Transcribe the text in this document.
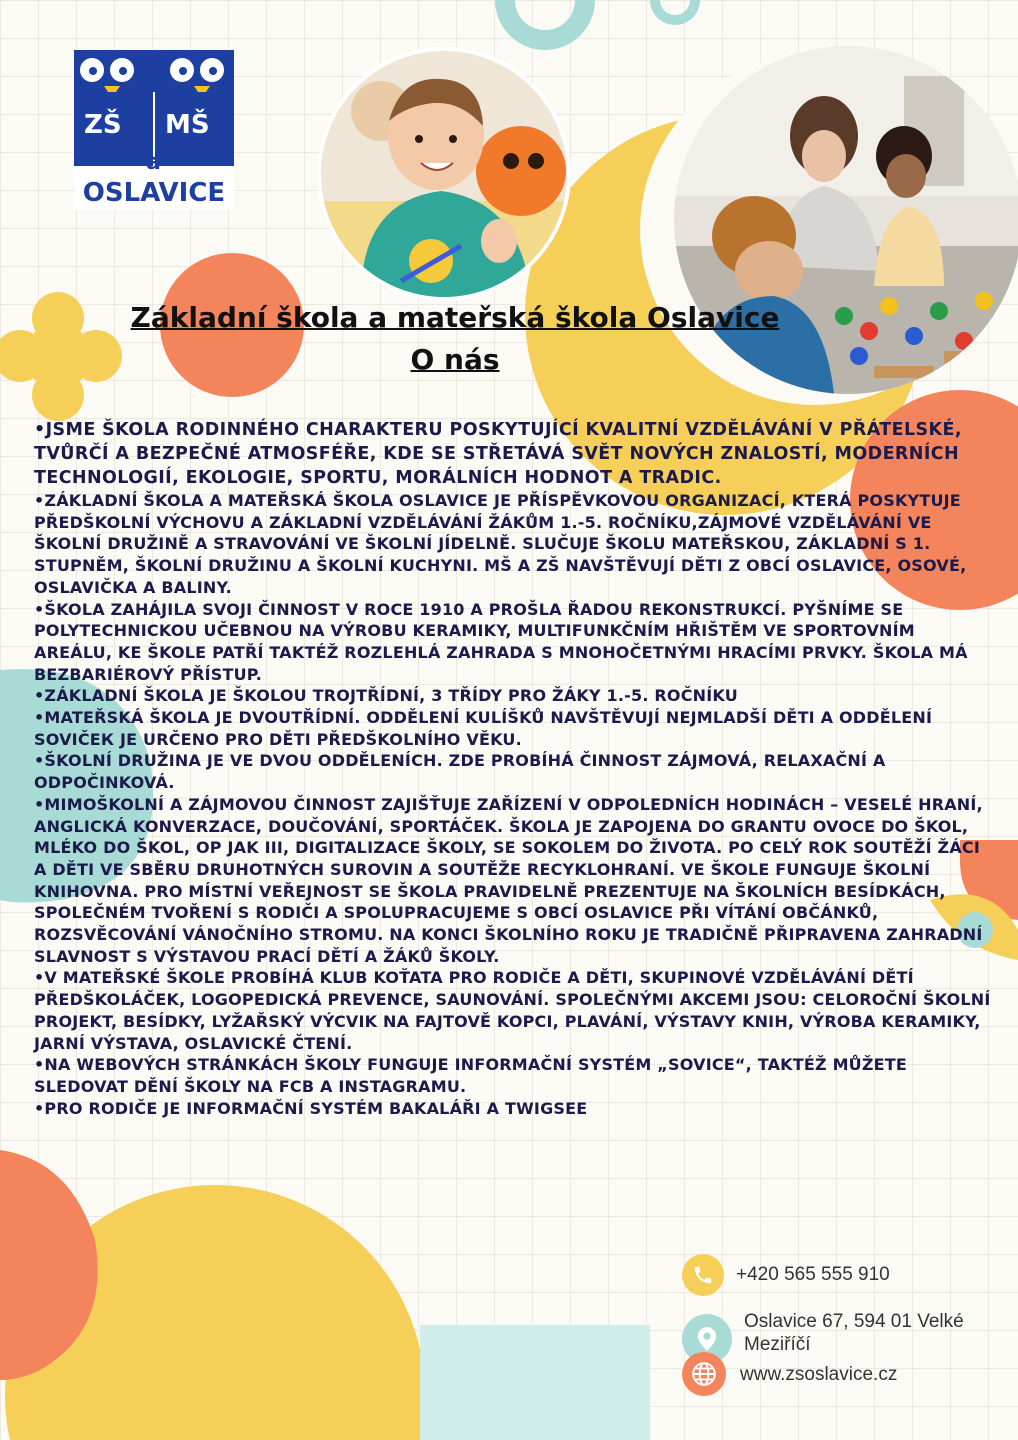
ZŠ MŠ
a
OSLAVICE
Základní škola a mateřská škola Oslavice
O nás

•JSME ŠKOLA RODINNÉHO CHARAKTERU POSKYTUJÍCÍ KVALITNÍ VZDĚLÁVÁNÍ V PŘÁTELSKÉ, TVŮRČÍ A BEZPEČNÉ ATMOSFÉŘE, KDE SE STŘETÁVÁ SVĚT NOVÝCH ZNALOSTÍ, MODERNÍCH TECHNOLOGIÍ, EKOLOGIE, SPORTU, MORÁLNÍCH HODNOT A TRADIC.

•ZÁKLADNÍ ŠKOLA A MATEŘSKÁ ŠKOLA OSLAVICE JE PŘÍSPĚVKOVOU ORGANIZACÍ, KTERÁ POSKYTUJE PŘEDŠKOLNÍ VÝCHOVU A ZÁKLADNÍ VZDĚLÁVÁNÍ ŽÁKŮM 1.-5. ROČNÍKU,ZÁJMOVÉ VZDĚLÁVÁNÍ VE ŠKOLNÍ DRUŽINĚ A STRAVOVÁNÍ VE ŠKOLNÍ JÍDELNĚ. SLUČUJE ŠKOLU MATEŘSKOU, ZÁKLADNÍ S 1. STUPNĚM, ŠKOLNÍ DRUŽINU A ŠKOLNÍ KUCHYNI. MŠ A ZŠ NAVŠTĚVUJÍ DĚTI Z OBCÍ OSLAVICE, OSOVÉ, OSLAVIČKA A BALINY.

•ŠKOLA ZAHÁJILA SVOJI ČINNOST V ROCE 1910 A PROŠLA ŘADOU REKONSTRUKCÍ. PYŠNÍME SE POLYTECHNICKOU UČEBNOU NA VÝROBU KERAMIKY, MULTIFUNKČNÍM HŘIŠTĚM VE SPORTOVNÍM AREÁLU, KE ŠKOLE PATŘÍ TAKTÉŽ ROZLEHLÁ ZAHRADA S MNOHOČETNÝMI HRACÍMI PRVKY. ŠKOLA MÁ BEZBARIÉROVÝ PŘÍSTUP.

•ZÁKLADNÍ ŠKOLA JE ŠKOLOU TROJTŘÍDNÍ, 3 TŘÍDY PRO ŽÁKY 1.-5. ROČNÍKU

•MATEŘSKÁ ŠKOLA JE DVOUTŘÍDNÍ. ODDĚLENÍ KULÍŠKŮ NAVŠTĚVUJÍ NEJMLADŠÍ DĚTI A ODDĚLENÍ SOVIČEК JE URČENO PRO DĚTI PŘEDŠKOLNÍHO VĚKU.

•ŠKOLNÍ DRUŽINA JE VE DVOU ODDĚLENÍCH. ZDE PROBÍHÁ ČINNOST ZÁJMOVÁ, RELAXAČNÍ A ODPOČINKOVÁ.

•MIMOŠKOLNÍ A ZÁJMOVOU ČINNOST ZAJIŠŤUJE ZAŘÍZENÍ V ODPOLEDNÍCH HODINÁCH – VESELÉ HRANÍ, ANGLICKÁ KONVERZACE, DOUČOVÁNÍ, SPORTÁČEK. ŠKOLA JE ZAPOJENA DO GRANTU OVOCE DO ŠKOL, MLÉKO DO ŠKOL, OP JAK III, DIGITALIZACE ŠKOLY, SE SOKOLEM DO ŽIVOTA. PO CELÝ ROK SOUTĚŽÍ ŽÁCI A DĚTI VE SBĚRU DRUHOTNÝCH SUROVIN A SOUTĚŽE RECYKLOHRANÍ. VE ŠKOLE FUNGUJE ŠKOLNÍ KNIHOVNA. PRO MÍSTNÍ VEŘEJNOST SE ŠKOLA PRAVIDELNĚ PREZENTUJE NA ŠKOLNÍCH BESÍDKÁCH, SPOLEČNÉM TVOŘENÍ S RODIČI A SPOLUPRACUJEME S OBCÍ OSLAVICE PŘI VÍTÁNÍ OBČÁNKŮ, ROZSVĚCOVÁNÍ VÁNOČNÍHO STROMU. NA KONCI ŠKOLNÍHO ROKU JE TRADIČNĚ PŘIPRAVENA ZAHRADNÍ SLAVNOST S VÝSTAVOU PRACÍ DĚTÍ A ŽÁKŮ ŠKOLY.

•V MATEŘSKÉ ŠKOLE PROBÍHÁ KLUB KOŤATA PRO RODIČE A DĚTI, SKUPINOVÉ VZDĚLÁVÁNÍ DĚTÍ PŘEDŠKOLÁČEK, LOGOPEDICKÁ PREVENCE, SAUNOVÁNÍ. SPOLEČNÝMI AKCEMI JSOU: CELOROČNÍ ŠKOLNÍ PROJEKT, BESÍDKY, LYŽAŘSKÝ VÝCVIK NA FAJTOVĚ KOPCI, PLAVÁNÍ, VÝSTAVY KNIH, VÝROBA KERAMIKY, JARNÍ VÝSTAVA, OSLAVICKÉ ČTENÍ.

•NA WEBOVÝCH STRÁNKÁCH ŠKOLY FUNGUJE INFORMAČNÍ SYSTÉM „SOVICE“, TAKTÉŽ MŮŽETE SLEDOVAT DĚNÍ ŠKOLY NA FCB A INSTAGRAMU.

•PRO RODIČE JE INFORMAČNÍ SYSTÉM BAKALÁŘI A TWIGSEE

+420 565 555 910
Oslavice 67, 594 01 Velké Meziříčí
www.zsoslavice.cz
